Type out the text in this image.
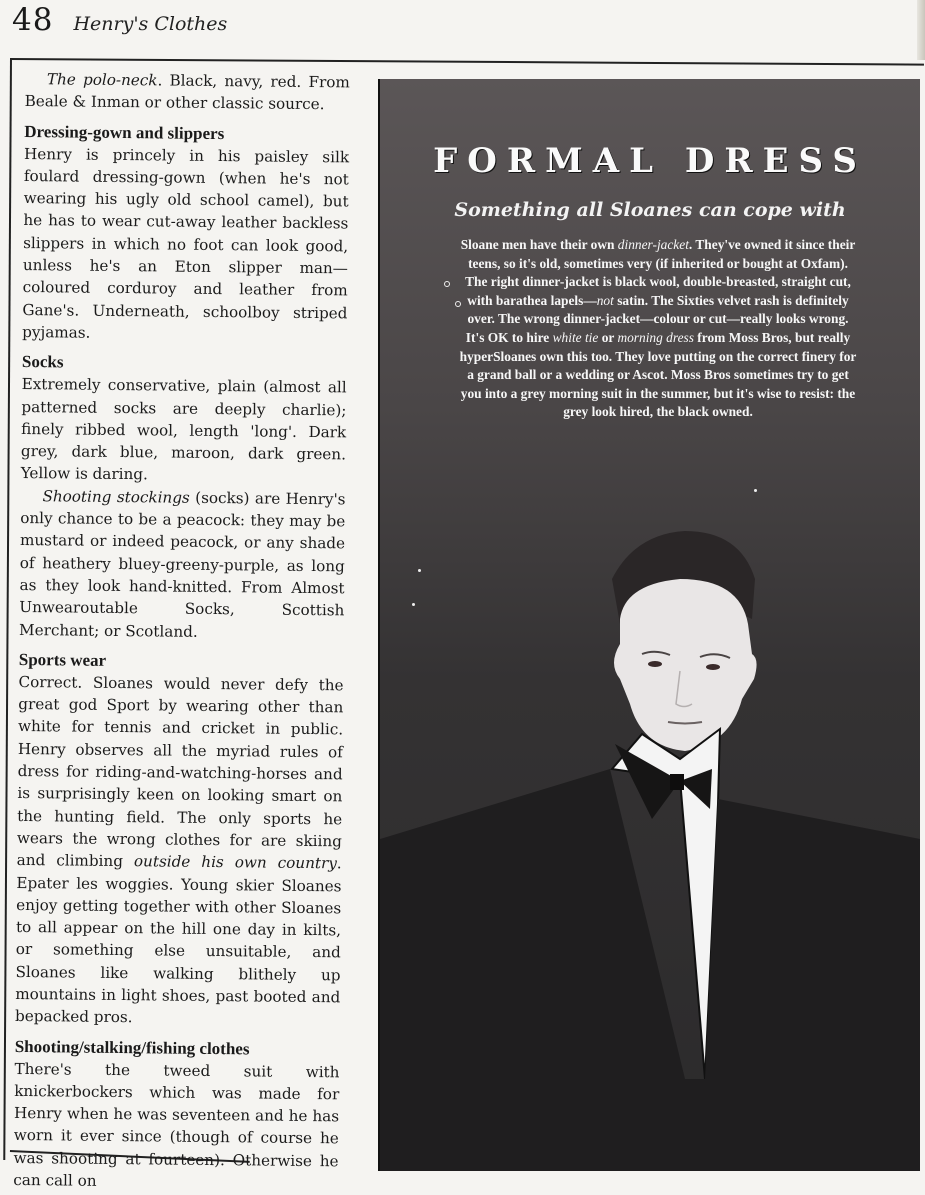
48 Henry's Clothes

The polo-neck. Black, navy, red. From Beale & Inman or other classic source.

Dressing-gown and slippers

Henry is princely in his paisley silk foulard dressing-gown (when he's not wearing his ugly old school camel), but he has to wear cut-away leather backless slippers in which no foot can look good, unless he's an Eton slipper man—coloured corduroy and leather from Gane's. Underneath, schoolboy striped pyjamas.

Socks

Extremely conservative, plain (almost all patterned socks are deeply charlie); finely ribbed wool, length 'long'. Dark grey, dark blue, maroon, dark green. Yellow is daring.

Shooting stockings (socks) are Henry's only chance to be a peacock: they may be mustard or indeed peacock, or any shade of heathery bluey-greeny-purple, as long as they look hand-knitted. From Almost Unwearoutable Socks, Scottish Merchant; or Scotland.

Sports wear

Correct. Sloanes would never defy the great god Sport by wearing other than white for tennis and cricket in public. Henry observes all the myriad rules of dress for riding-and-watching-horses and is surprisingly keen on looking smart on the hunting field. The only sports he wears the wrong clothes for are skiing and climbing outside his own country. Epater les woggies. Young skier Sloanes enjoy getting together with other Sloanes to all appear on the hill one day in kilts, or something else unsuitable, and Sloanes like walking blithely up mountains in light shoes, past booted and bepacked pros.

Shooting/stalking/fishing clothes

There's the tweed suit with knickerbockers which was made for Henry when he was seventeen and he has worn it ever since (though of course he was shooting at fourteen). Otherwise he can call on

FORMAL DRESS
Something all Sloanes can cope with

Sloane men have their own dinner-jacket. They've owned it since their teens, so it's old, sometimes very (if inherited or bought at Oxfam). The right dinner-jacket is black wool, double-breasted, straight cut, with barathea lapels—not satin. The Sixties velvet rash is definitely over. The wrong dinner-jacket—colour or cut—really looks wrong.

It's OK to hire white tie or morning dress from Moss Bros, but really hyperSloanes own this too. They love putting on the correct finery for a grand ball or a wedding or Ascot. Moss Bros sometimes try to get you into a grey morning suit in the summer, but it's wise to resist: the grey look hired, the black owned.
